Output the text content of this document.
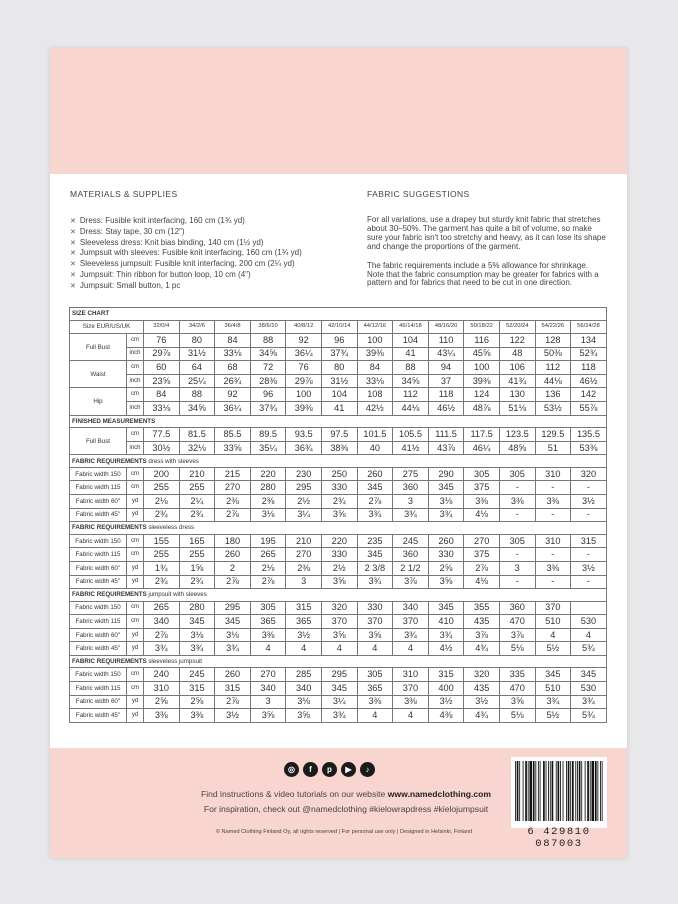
MATERIALS & SUPPLIES
✕ Dress: Fusible knit interfacing, 160 cm (1¾ yd)
✕ Dress: Stay tape, 30 cm (12")
✕ Sleeveless dress: Knit bias binding, 140 cm (1½ yd)
✕ Jumpsuit with sleeves: Fusible knit interfacing, 160 cm (1¾ yd)
✕ Sleeveless jumpsuit: Fusible knit interfacing, 200 cm (2¼ yd)
✕ Jumpsuit: Thin ribbon for button loop, 10 cm (4")
✕ Jumpsuit: Small button, 1 pc
FABRIC SUGGESTIONS

For all variations, use a drapey but sturdy knit fabric that stretches about 30–50%. The garment has quite a bit of volume, so make sure your fabric isn't too stretchy and heavy, as it can lose its shape and change the proportions of the garment.

The fabric requirements include a 5% allowance for shrinkage. Note that the fabric consumption may be greater for fabrics with a pattern and for fabrics that need to be cut in one direction.

SIZE CHART														
Size EUR/US/UK		32/0/4	34/2/6	36/4/8	38/6/10	40/8/12	42/10/14	44/12/16	46/14/18	48/16/20	50/18/22	52/20/24	54/22/26	56/24/28
Full Bust	cm	76	80	84	88	92	96	100	104	110	116	122	128	134
	inch	29⅞	31½	33⅛	34⅝	36¼	37¾	39⅜	41	43¼	45⅝	48	50⅜	52¾
Waist	cm	60	64	68	72	76	80	84	88	94	100	106	112	118
	inch	23⅝	25¼	26¾	28⅜	29⅞	31½	33⅛	34⅝	37	39⅜	41¾	44⅛	46½
Hip	cm	84	88	92	96	100	104	108	112	118	124	130	136	142
	inch	33⅛	34⅝	36¼	37¾	39⅜	41	42½	44⅛	46½	48⅞	51⅛	53½	55⅞
FINISHED MEASUREMENTS														
Full Bust	cm	77.5	81.5	85.5	89.5	93.5	97.5	101.5	105.5	111.5	117.5	123.5	129.5	135.5
	inch	30½	32⅛	33⅝	35¼	36¾	38⅜	40	41½	43⅞	46¼	48⅝	51	53⅜
FABRIC REQUIREMENTS dress with sleeves														
Fabric width 150	cm	200	210	215	220	230	250	260	275	290	305	305	310	320
Fabric width 115	cm	255	255	270	280	295	330	345	360	345	375	-	-	-
Fabric width 60"	yd	2⅛	2¼	2⅜	2⅜	2½	2¾	2⅞	3	3⅛	3⅜	3⅜	3⅜	3½
Fabric width 45"	yd	2¾	2¾	2⅞	3⅛	3¼	3⅝	3¾	3¾	3¾	4⅛	-	-	-
FABRIC REQUIREMENTS sleeveless dress														
Fabric width 150	cm	155	165	180	195	210	220	235	245	260	270	305	310	315
Fabric width 115	cm	255	255	260	265	270	330	345	360	330	375	-	-	-
Fabric width 60"	yd	1¾	1⅝	2	2⅛	2⅜	2½	2 3/8	2 1/2	2⅝	2⅞	3	3⅜	3½
Fabric width 45"	yd	2¾	2¾	2⅞	2⅞	3	3⅝	3¾	3⅞	3⅝	4⅛	-	-	-
FABRIC REQUIREMENTS jumpsuit with sleeves														
Fabric width 150	cm	265	280	295	305	315	320	330	340	345	355	360	370	
Fabric width 115	cm	340	345	345	365	365	370	370	370	410	435	470	510	530
Fabric width 60"	yd	2⅞	3⅛	3⅛	3⅜	3½	3⅝	3⅝	3¾	3¾	3⅞	3⅞	4	4
Fabric width 45"	yd	3¾	3¾	3¾	4	4	4	4	4	4½	4¾	5⅛	5½	5¾
FABRIC REQUIREMENTS sleeveless jumpsuit														
Fabric width 150	cm	240	245	260	270	285	295	305	310	315	320	335	345	345
Fabric width 115	cm	310	315	315	340	340	345	365	370	400	435	470	510	530
Fabric width 60"	yd	2⅝	2⅝	2⅞	3	3⅛	3¼	3⅜	3⅜	3½	3½	3⅝	3¾	3¾
Fabric width 45"	yd	3⅜	3⅜	3½	3⅝	3⅝	3¾	4	4	4⅜	4¾	5⅛	5½	5¾
◎	f	p	▶	♪
Find instructions & video tutorials on our website www.namedclothing.com
For inspiration, check out @namedclothing #kielowrapdress #kielojumpsuit
© Named Clothing Finland Oy, all rights reserved | For personal use only | Designed in Helsinki, Finland	6 429810 087003
